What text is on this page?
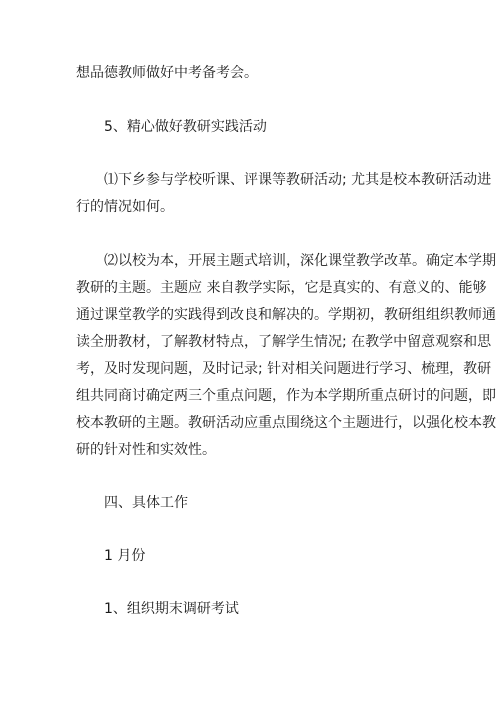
想品德教师做好中考备考会。
5、精心做好教研实践活动
⑴下乡参与学校听课、评课等教研活动; 尤其是校本教研活动进
行的情况如何。
⑵以校为本，开展主题式培训，深化课堂教学改革。确定本学期
教研的主题。主题应 来自教学实际，它是真实的、有意义的、能够
通过课堂教学的实践得到改良和解决的。学期初，教研组组织教师通
读全册教材，了解教材特点，了解学生情况; 在教学中留意观察和思
考，及时发现问题，及时记录; 针对相关问题进行学习、梳理，教研
组共同商讨确定两三个重点问题，作为本学期所重点研讨的问题，即
校本教研的主题。教研活动应重点围绕这个主题进行，以强化校本教
研的针对性和实效性。
四、具体工作
1 月份
1、组织期末调研考试
